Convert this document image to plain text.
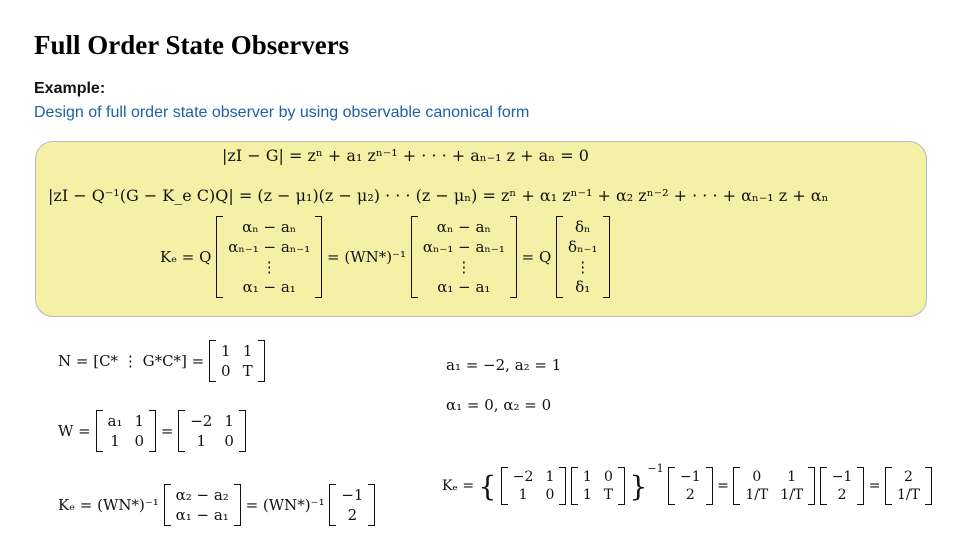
Full Order State Observers
Example:
Design of full order state observer by using observable canonical form
|zI − G| = zⁿ + a₁ zⁿ⁻¹ + · · · + aₙ₋₁ z + aₙ = 0
|zI − Q⁻¹(G − K_e C)Q| = (z − μ₁)(z − μ₂) · · · (z − μₙ) = zⁿ + α₁ zⁿ⁻¹ + α₂ zⁿ⁻² + · · · + αₙ₋₁ z + αₙ
Kₑ = Q
αₙ − aₙ
αₙ₋₁ − aₙ₋₁
⋮
α₁ − a₁
= (WN*)⁻¹
αₙ − aₙ
αₙ₋₁ − aₙ₋₁
⋮
α₁ − a₁
= Q
δₙ
δₙ₋₁
⋮
δ₁
N = [C* ⋮ G*C*] =
1 1
0 T
W =
a₁ 1
1 0
=
−2 1
1	0
Kₑ = (WN*)⁻¹
α₂ − a₂
α₁ − a₁
= (WN*)⁻¹
−1
2
a₁ = −2, a₂ = 1
α₁ = 0, α₂ = 0
Kₑ = { −2 1
1	0

1 0
1 T }$^{-1}$
−1
2
=
0	1
1/T 1/T

−1
2
=
2
1/T
